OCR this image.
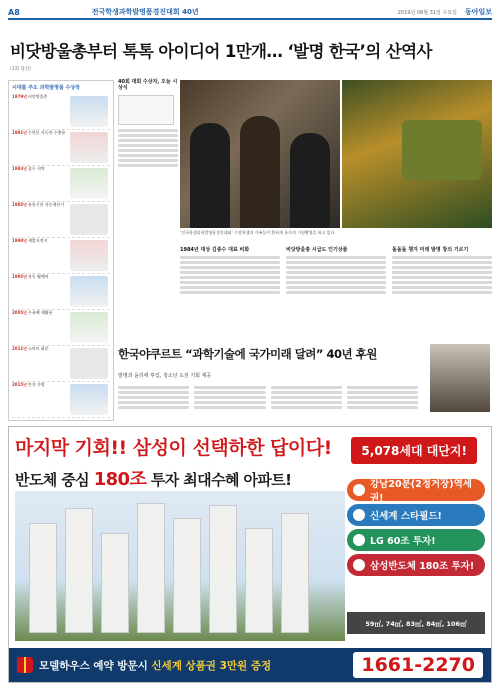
A8	전국학생과학발명품경진대회 40년	2019년 08월 31일 수요일 동아일보
비닷방울총부터 톡톡 아이디어 1만개… ‘발명 한국’의 산역사
(1회 당선)
시대를 주도 과학발명품 수상작
1979년 비닷방울총
1981년 무안분 자동차 수출용
1983년 줄무 식탁
1985년 유통기한 자동계산기
1990년 세발자전거
1995년 자동 휠체어
2005년 우유팩 재활용
2011년 스마트 화분
2015년 안전 가방
40회 대회 수상자, 오늘 시상식
‘전국학생과학발명품경진대회’ 수상학생과 가족들이 환하게 웃으며 기념촬영을 하고 있다.
1984년 대상 김종수 대표 비화	비닷방울총 시급도 인기상품	돌돌돌 챙겨 미래 발명 창의 기르기
한국야쿠르트 “과학기술에 국가미래 달려” 40년 후원
발명과 윤리에 투입, 청소년 도전 기회 제공
마지막 기회!! 삼성이 선택하한 답이다!
반도체 중심 180조 투자 최대수혜 아파트!
5,078세대 대단지!
강남20분(2정거장)역세권!
신세계 스타필드!
LG 60조 투자!
삼성반도체 180조 투자!
59㎡, 74㎡, 83㎡, 84㎡, 106㎡
모델하우스 예약 방문시 신세계 상품권 3만원 증정	1661-2270
